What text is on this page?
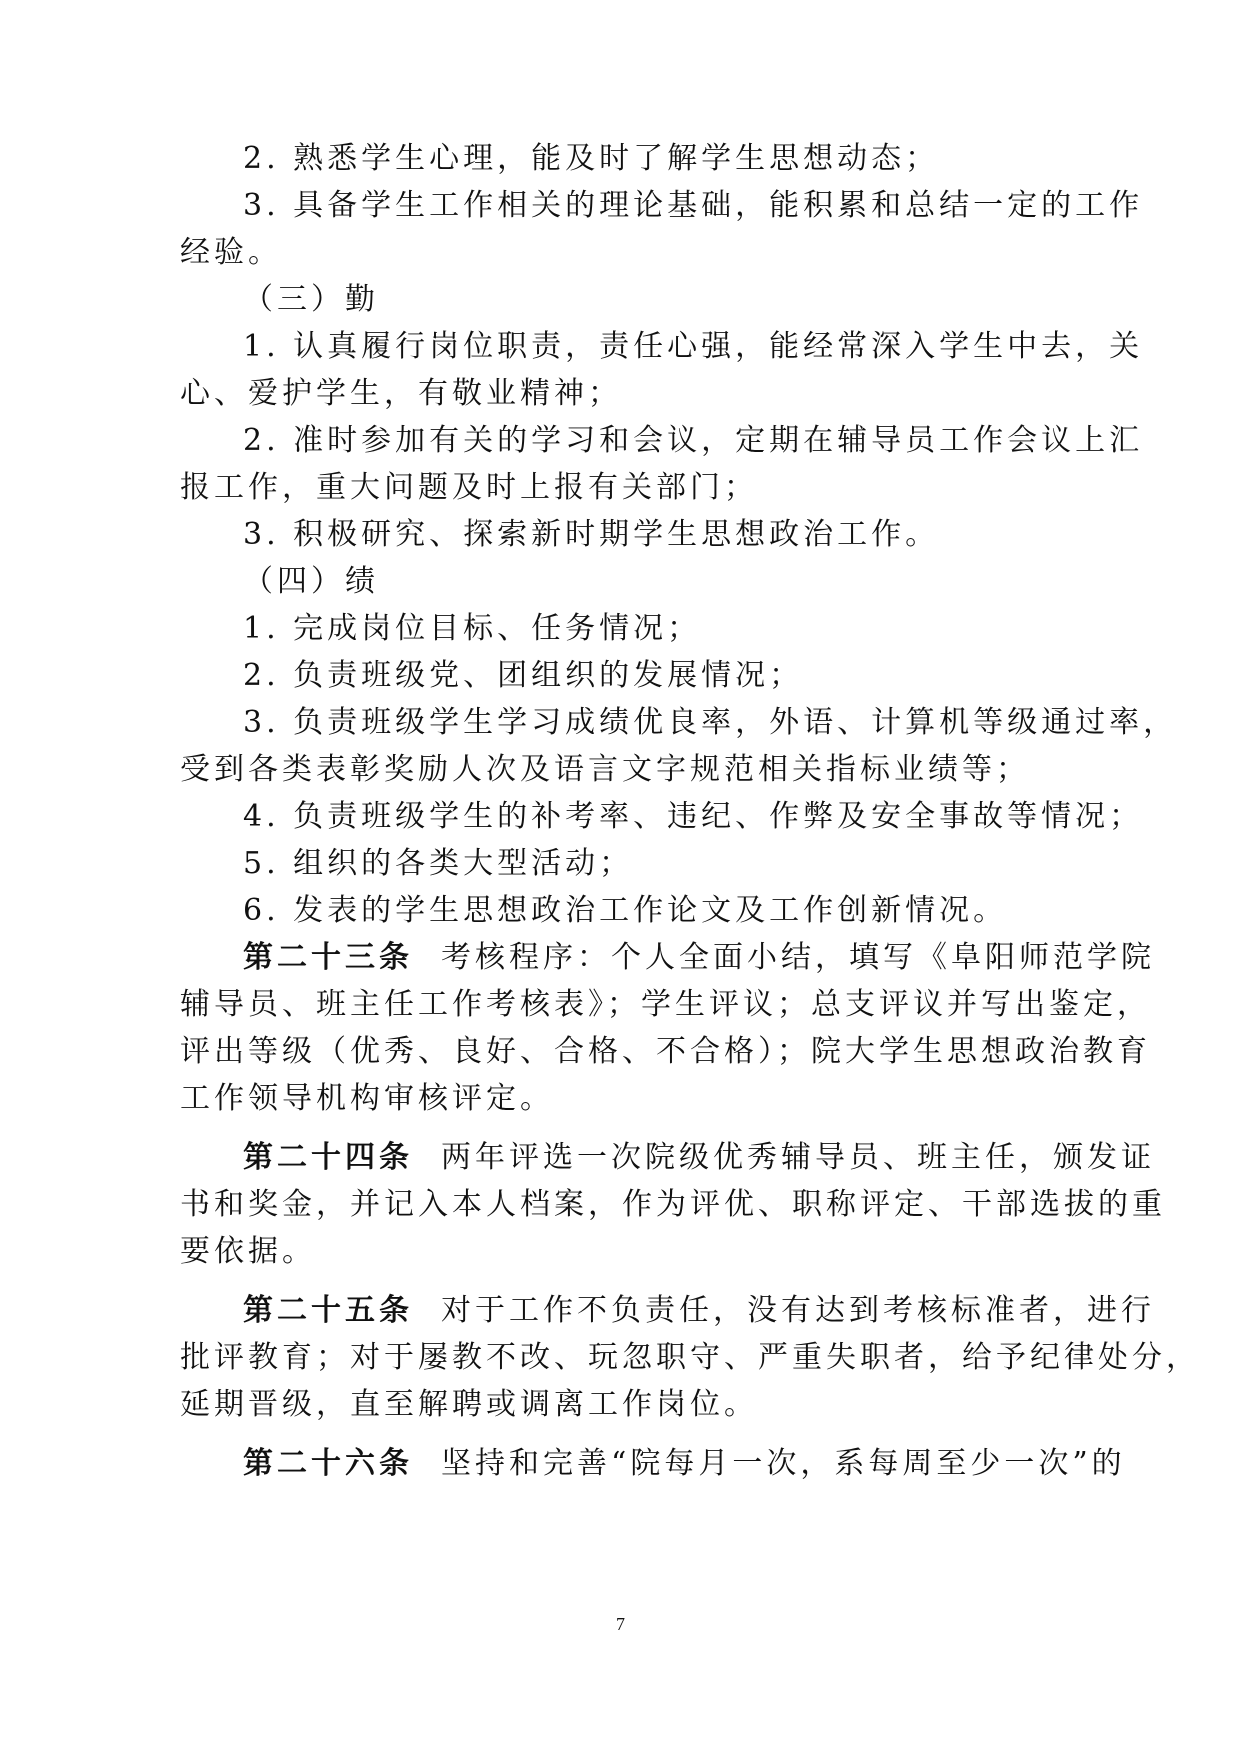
2. 熟悉学生心理，能及时了解学生思想动态；
3. 具备学生工作相关的理论基础，能积累和总结一定的工作
经验。
（三）勤
1. 认真履行岗位职责，责任心强，能经常深入学生中去，关
心、爱护学生，有敬业精神；
2. 准时参加有关的学习和会议，定期在辅导员工作会议上汇
报工作，重大问题及时上报有关部门；
3. 积极研究、探索新时期学生思想政治工作。
（四）绩
1. 完成岗位目标、任务情况；
2. 负责班级党、团组织的发展情况；
3. 负责班级学生学习成绩优良率，外语、计算机等级通过率，
受到各类表彰奖励人次及语言文字规范相关指标业绩等；
4. 负责班级学生的补考率、违纪、作弊及安全事故等情况；
5. 组织的各类大型活动；
6. 发表的学生思想政治工作论文及工作创新情况。
第二十三条 考核程序：个人全面小结，填写《阜阳师范学院
辅导员、班主任工作考核表》；学生评议；总支评议并写出鉴定，
评出等级（优秀、良好、合格、不合格）；院大学生思想政治教育
工作领导机构审核评定。
第二十四条 两年评选一次院级优秀辅导员、班主任，颁发证
书和奖金，并记入本人档案，作为评优、职称评定、干部选拔的重
要依据。
第二十五条 对于工作不负责任，没有达到考核标准者，进行
批评教育；对于屡教不改、玩忽职守、严重失职者，给予纪律处分，
延期晋级，直至解聘或调离工作岗位。
第二十六条 坚持和完善“院每月一次，系每周至少一次”的
7
